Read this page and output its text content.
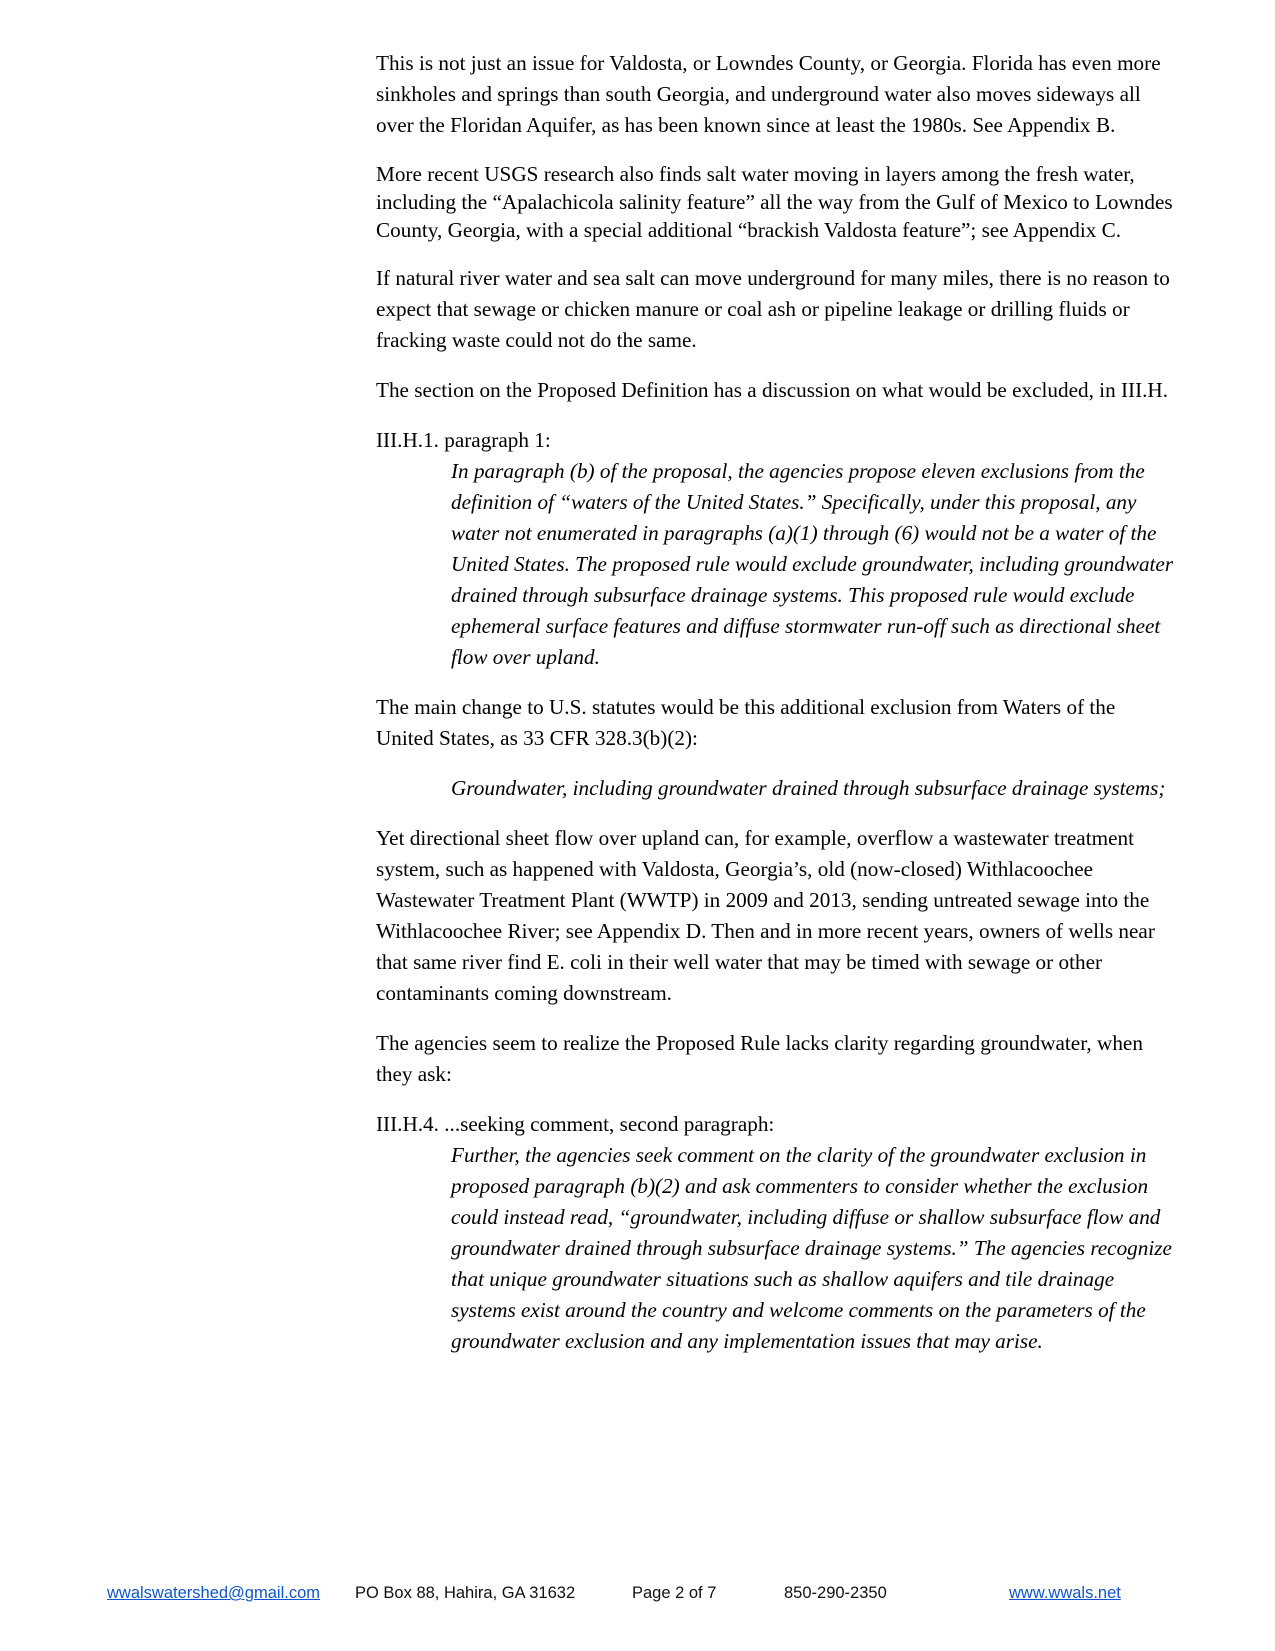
This is not just an issue for Valdosta, or Lowndes County, or Georgia. Florida has even more sinkholes and springs than south Georgia, and underground water also moves sideways all over the Floridan Aquifer, as has been known since at least the 1980s. See Appendix B.

More recent USGS research also finds salt water moving in layers among the fresh water, including the “Apalachicola salinity feature” all the way from the Gulf of Mexico to Lowndes County, Georgia, with a special additional “brackish Valdosta feature”; see Appendix C.

If natural river water and sea salt can move underground for many miles, there is no reason to expect that sewage or chicken manure or coal ash or pipeline leakage or drilling fluids or fracking waste could not do the same.

The section on the Proposed Definition has a discussion on what would be excluded, in III.H.

III.H.1. paragraph 1:

In paragraph (b) of the proposal, the agencies propose eleven exclusions from the definition of “waters of the United States.” Specifically, under this proposal, any water not enumerated in paragraphs (a)(1) through (6) would not be a water of the United States. The proposed rule would exclude groundwater, including groundwater drained through subsurface drainage systems. This proposed rule would exclude ephemeral surface features and diffuse stormwater run-off such as directional sheet flow over upland.

The main change to U.S. statutes would be this additional exclusion from Waters of the United States, as 33 CFR 328.3(b)(2):

Groundwater, including groundwater drained through subsurface drainage systems;

Yet directional sheet flow over upland can, for example, overflow a wastewater treatment system, such as happened with Valdosta, Georgia’s, old (now-closed) Withlacoochee Wastewater Treatment Plant (WWTP) in 2009 and 2013, sending untreated sewage into the Withlacoochee River; see Appendix D. Then and in more recent years, owners of wells near that same river find E. coli in their well water that may be timed with sewage or other contaminants coming downstream.

The agencies seem to realize the Proposed Rule lacks clarity regarding groundwater, when they ask:

III.H.4. ...seeking comment, second paragraph:

Further, the agencies seek comment on the clarity of the groundwater exclusion in proposed paragraph (b)(2) and ask commenters to consider whether the exclusion could instead read, “groundwater, including diffuse or shallow subsurface flow and groundwater drained through subsurface drainage systems.” The agencies recognize that unique groundwater situations such as shallow aquifers and tile drainage systems exist around the country and welcome comments on the parameters of the groundwater exclusion and any implementation issues that may arise.

wwalswatershed@gmail.com PO Box 88, Hahira, GA 31632	Page 2 of 7	850-290-2350	www.wwals.net
